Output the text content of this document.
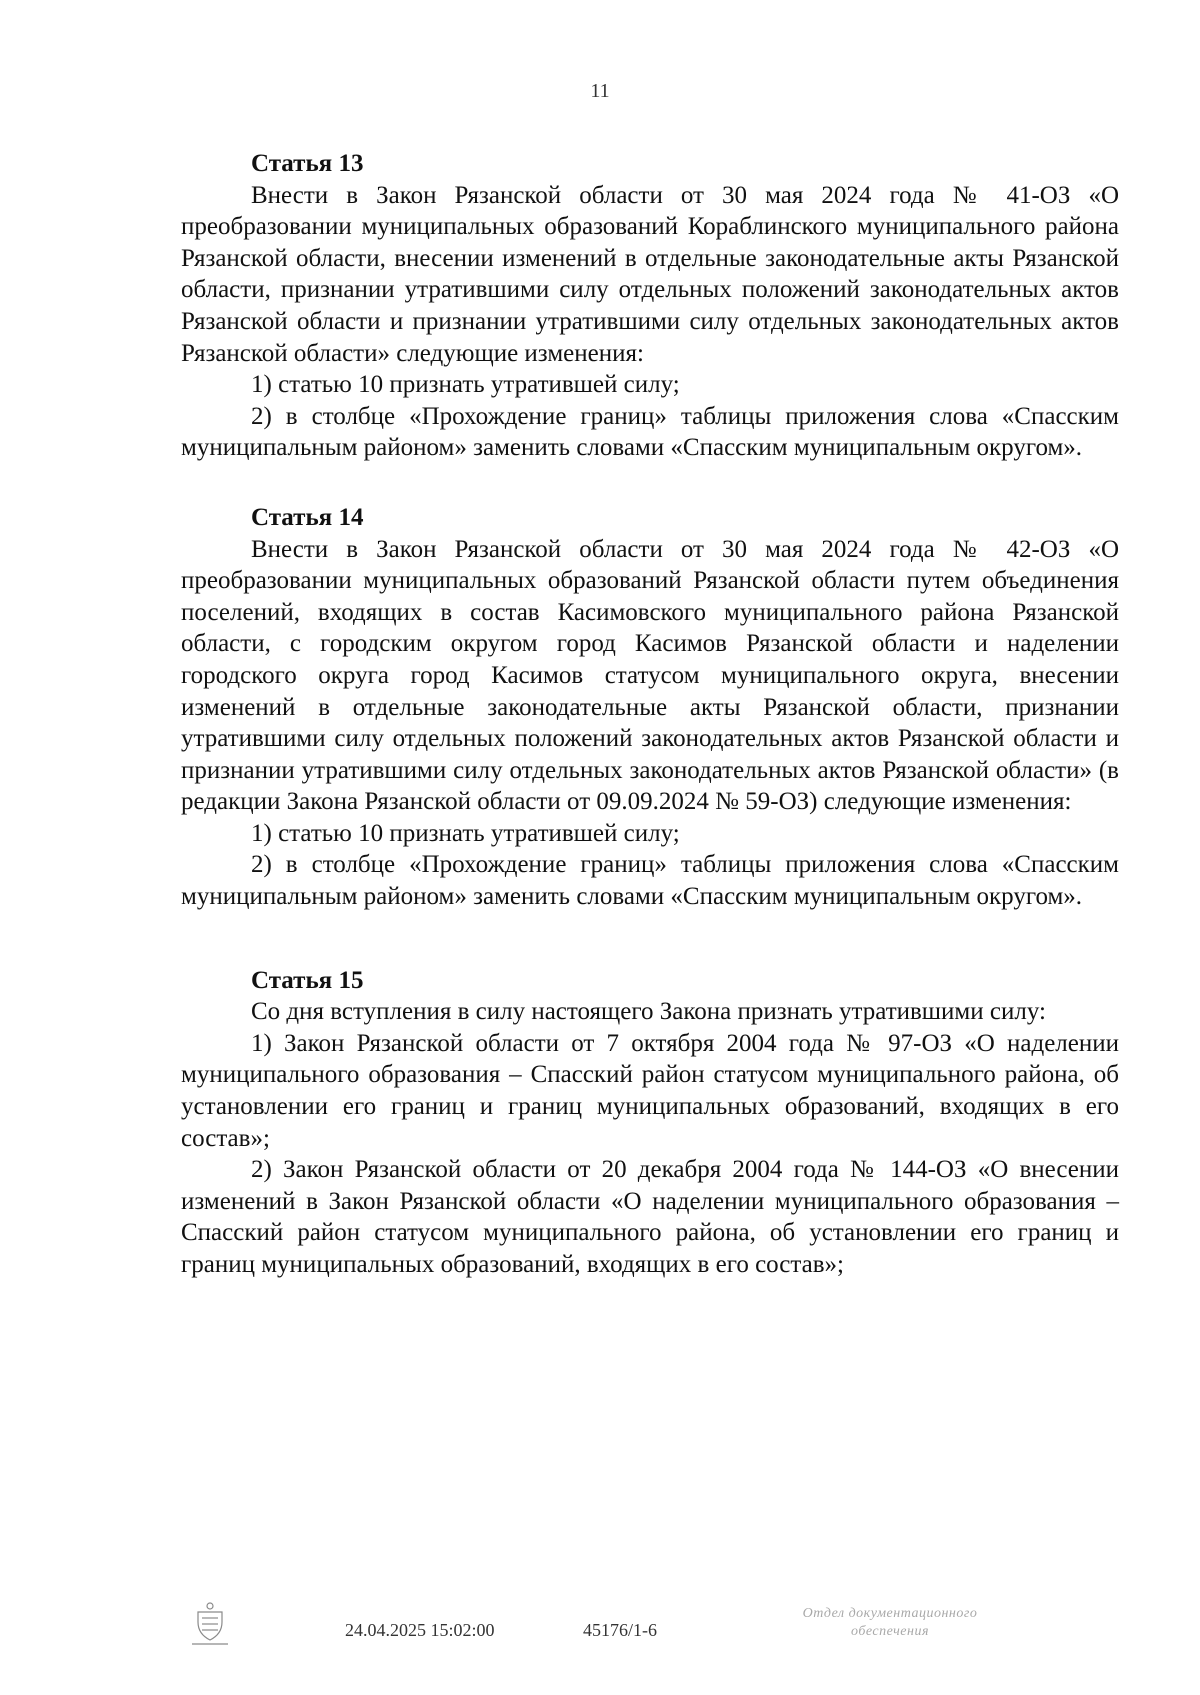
11
Статья 13

Внести в Закон Рязанской области от 30 мая 2024 года № 41-ОЗ «О преобразовании муниципальных образований Кораблинского муниципального района Рязанской области, внесении изменений в отдельные законодательные акты Рязанской области, признании утратившими силу отдельных положений законодательных актов Рязанской области и признании утратившими силу отдельных законодательных актов Рязанской области» следующие изменения:

1) статью 10 признать утратившей силу;

2) в столбце «Прохождение границ» таблицы приложения слова «Спасским муниципальным районом» заменить словами «Спасским муниципальным округом».

Статья 14

Внести в Закон Рязанской области от 30 мая 2024 года № 42-ОЗ «О преобразовании муниципальных образований Рязанской области путем объединения поселений, входящих в состав Касимовского муниципального района Рязанской области, с городским округом город Касимов Рязанской области и наделении городского округа город Касимов статусом муниципального округа, внесении изменений в отдельные законодательные акты Рязанской области, признании утратившими силу отдельных положений законодательных актов Рязанской области и признании утратившими силу отдельных законодательных актов Рязанской области» (в редакции Закона Рязанской области от 09.09.2024 № 59-ОЗ) следующие изменения:

1) статью 10 признать утратившей силу;

2) в столбце «Прохождение границ» таблицы приложения слова «Спасским муниципальным районом» заменить словами «Спасским муниципальным округом».

Статья 15

Со дня вступления в силу настоящего Закона признать утратившими силу:

1) Закон Рязанской области от 7 октября 2004 года № 97-ОЗ «О наделении муниципального образования – Спасский район статусом муниципального района, об установлении его границ и границ муниципальных образований, входящих в его состав»;

2) Закон Рязанской области от 20 декабря 2004 года № 144-ОЗ «О внесении изменений в Закон Рязанской области «О наделении муниципального образования – Спасский район статусом муниципального района, об установлении его границ и границ муниципальных образований, входящих в его состав»;

24.04.2025 15:02:00	45176/1-6
Отдел документационного
обеспечения
